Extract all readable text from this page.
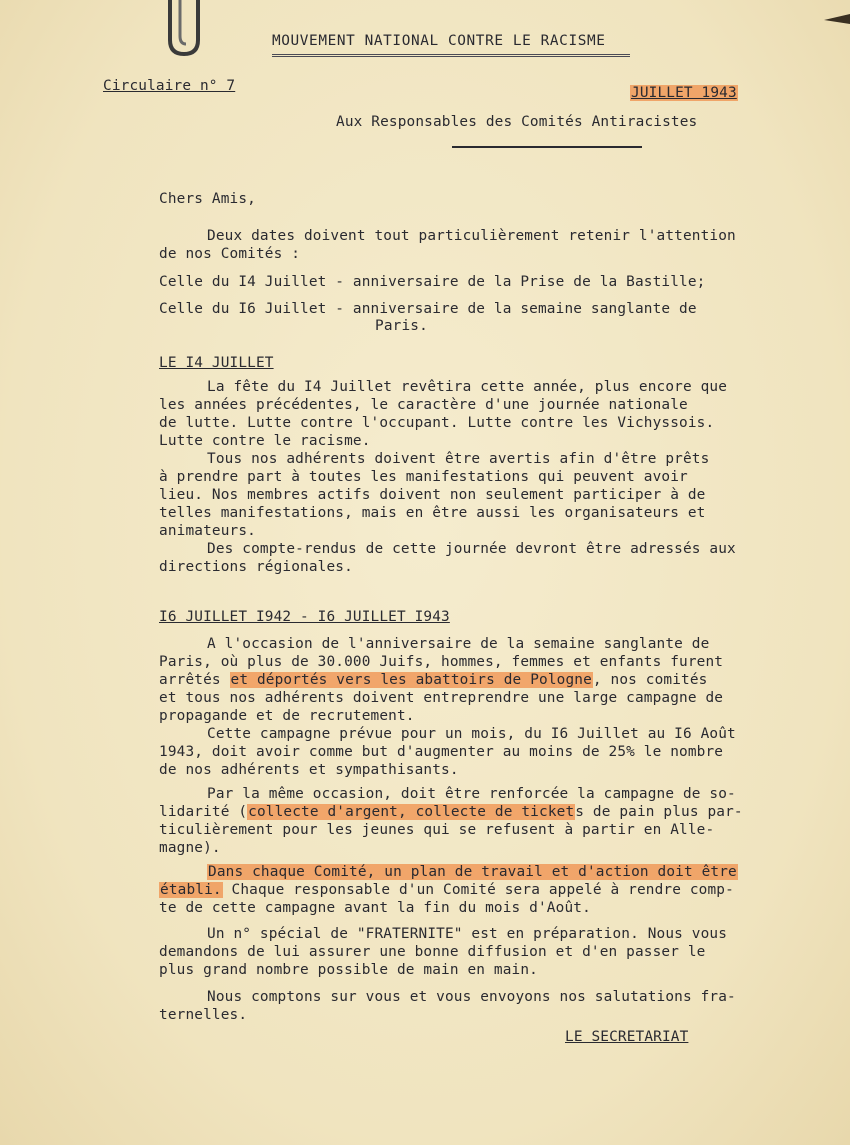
MOUVEMENT NATIONAL CONTRE LE RACISME
Circulaire n° 7	JUILLET 1943
Aux Responsables des Comités Antiracistes
Chers Amis,
Deux dates doivent tout particulièrement retenir l'attention
de nos Comités :
Celle du I4 Juillet - anniversaire de la Prise de la Bastille;
Celle du I6 Juillet - anniversaire de la semaine sanglante de
Paris.
LE I4 JUILLET
La fête du I4 Juillet revêtira cette année, plus encore que
les années précédentes, le caractère d'une journée nationale
de lutte. Lutte contre l'occupant. Lutte contre les Vichyssois.
Lutte contre le racisme.
Tous nos adhérents doivent être avertis afin d'être prêts
à prendre part à toutes les manifestations qui peuvent avoir
lieu. Nos membres actifs doivent non seulement participer à de
telles manifestations, mais en être aussi les organisateurs et
animateurs.
Des compte-rendus de cette journée devront être adressés aux
directions régionales.
I6 JUILLET I942 - I6 JUILLET I943
A l'occasion de l'anniversaire de la semaine sanglante de
Paris, où plus de 30.000 Juifs, hommes, femmes et enfants furent
arrêtés et déportés vers les abattoirs de Pologne, nos comités
et tous nos adhérents doivent entreprendre une large campagne de
propagande et de recrutement.
Cette campagne prévue pour un mois, du I6 Juillet au I6 Août
1943, doit avoir comme but d'augmenter au moins de 25% le nombre
de nos adhérents et sympathisants.
Par la même occasion, doit être renforcée la campagne de so-
lidarité (collecte d'argent, collecte de tickets de pain plus par-
ticulièrement pour les jeunes qui se refusent à partir en Alle-
magne).
Dans chaque Comité, un plan de travail et d'action doit être
établi. Chaque responsable d'un Comité sera appelé à rendre comp-
te de cette campagne avant la fin du mois d'Août.
Un n° spécial de "FRATERNITE" est en préparation. Nous vous
demandons de lui assurer une bonne diffusion et d'en passer le
plus grand nombre possible de main en main.
Nous comptons sur vous et vous envoyons nos salutations fra-
ternelles.
LE SECRETARIAT
